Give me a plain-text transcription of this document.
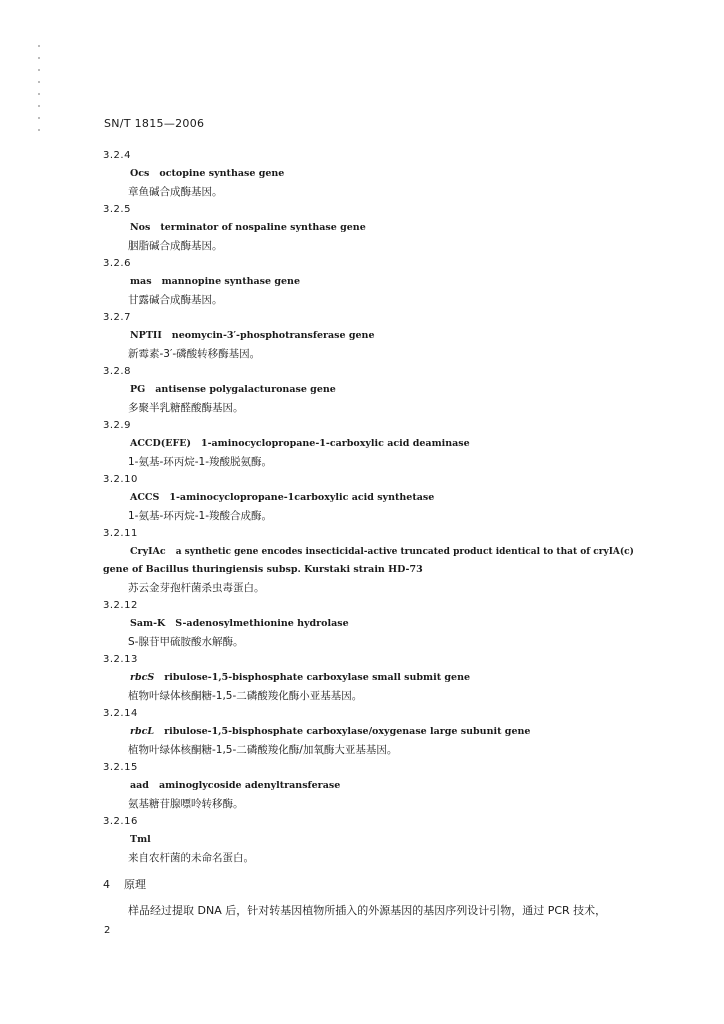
SN/T 1815—2006
3.2.4
Ocs octopine synthase gene
章鱼碱合成酶基因。
3.2.5
Nos terminator of nospaline synthase gene
胭脂碱合成酶基因。
3.2.6
mas mannopine synthase gene
甘露碱合成酶基因。
3.2.7
NPTII neomycin-3′-phosphotransferase gene
新霉素-3′-磷酸转移酶基因。
3.2.8
PG antisense polygalacturonase gene
多聚半乳糖醛酸酶基因。
3.2.9
ACCD(EFE) 1-aminocyclopropane-1-carboxylic acid deaminase
1-氨基-环丙烷-1-羧酸脱氨酶。
3.2.10
ACCS 1-aminocyclopropane-1carboxylic acid synthetase
1-氨基-环丙烷-1-羧酸合成酶。
3.2.11
CryIAc a synthetic gene encodes insecticidal-active truncated product identical to that of cryIA(c)
gene of Bacillus thuringiensis subsp. Kurstaki strain HD-73
苏云金芽孢杆菌杀虫毒蛋白。
3.2.12
Sam-K S-adenosylmethionine hydrolase
S-腺苷甲硫胺酸水解酶。
3.2.13
rbcS ribulose-1,5-bisphosphate carboxylase small submit gene
植物叶绿体核酮糖-1,5-二磷酸羧化酶小亚基基因。
3.2.14
rbcL ribulose-1,5-bisphosphate carboxylase/oxygenase large subunit gene
植物叶绿体核酮糖-1,5-二磷酸羧化酶/加氧酶大亚基基因。
3.2.15
aad aminoglycoside adenyltransferase
氨基糖苷腺嘌呤转移酶。
3.2.16
Tml
来自农杆菌的未命名蛋白。
4 原理
样品经过提取 DNA 后，针对转基因植物所插入的外源基因的基因序列设计引物，通过 PCR 技术，
2
